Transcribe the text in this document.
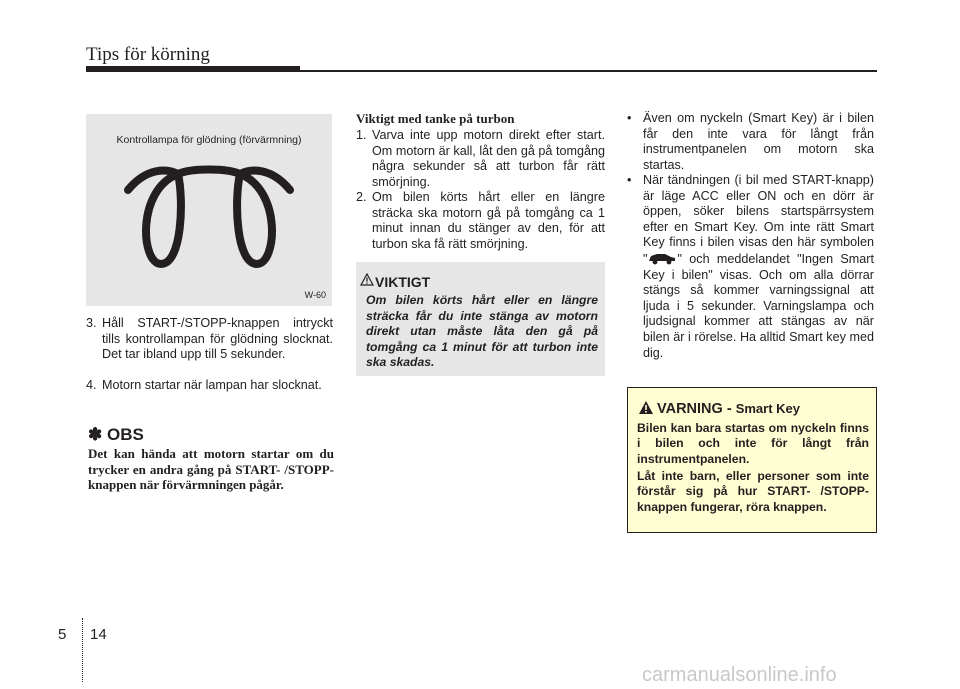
Tips för körning
Kontrollampa för glödning (förvärmning)
W-60
3. Håll START-/STOPP-knappen intryckt tills kontrollampan för glödning slocknat. Det tar ibland upp till 5 sekunder.
4. Motorn startar när lampan har slocknat.
✽ OBS
Det kan hända att motorn startar om du trycker en andra gång på START- /STOPP-knappen när förvärmningen pågår.
Viktigt med tanke på turbon
1. Varva inte upp motorn direkt efter start. Om motorn är kall, låt den gå på tomgång några sekunder så att turbon får rätt smörjning.
2. Om bilen körts hårt eller en längre sträcka ska motorn gå på tomgång ca 1 minut innan du stänger av den, för att turbon ska få rätt smörjning.
VIKTIGT
Om bilen körts hårt eller en längre sträcka får du inte stänga av motorn direkt utan måste låta den gå på tomgång ca 1 minut för att turbon inte ska skadas.
• Även om nyckeln (Smart Key) är i bilen får den inte vara för långt från instrumentpanelen om motorn ska startas.
• När tändningen (i bil med START-knapp) är läge ACC eller ON och en dörr är öppen, söker bilens startspärrsystem efter en Smart Key. Om inte rätt Smart Key finns i bilen visas den här symbolen " " och meddelandet "Ingen Smart Key i bilen" visas. Och om alla dörrar stängs så kommer varningssignal att ljuda i 5 sekunder. Varningslampa och ljudsignal kommer att stängas av när bilen är i rörelse. Ha alltid Smart key med dig.
VARNING - Smart Key
Bilen kan bara startas om nyckeln finns i bilen och inte för långt från instrumentpanelen.
Låt inte barn, eller personer som inte förstår sig på hur START- /STOPP-knappen fungerar, röra knappen.
5 14
carmanualsonline.info
